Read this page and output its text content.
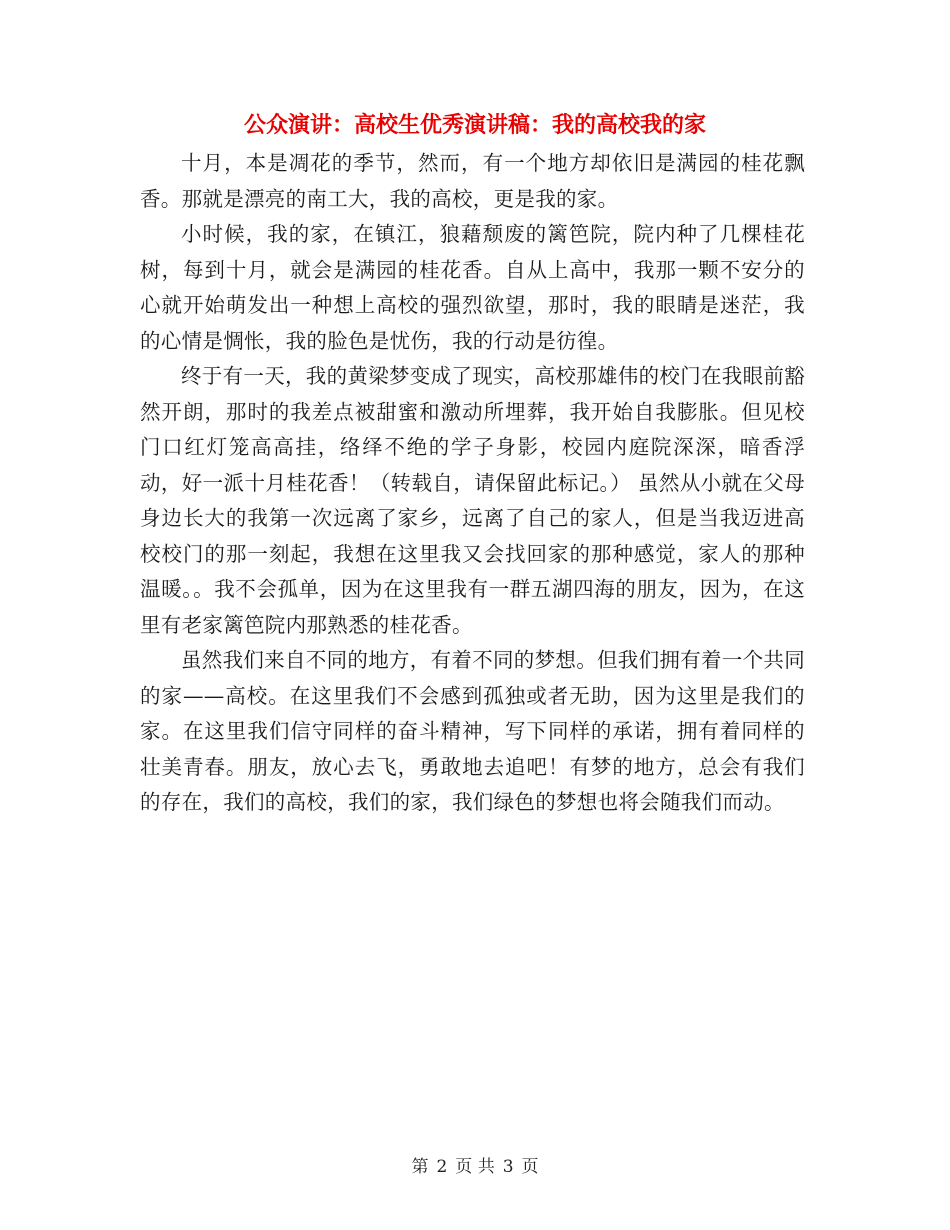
公众演讲：高校生优秀演讲稿：我的高校我的家

十月，本是凋花的季节，然而，有一个地方却依旧是满园的桂花飘香。那就是漂亮的南工大，我的高校，更是我的家。

小时候，我的家，在镇江，狼藉颓废的篱笆院，院内种了几棵桂花树，每到十月，就会是满园的桂花香。自从上高中，我那一颗不安分的心就开始萌发出一种想上高校的强烈欲望，那时，我的眼睛是迷茫，我的心情是惆怅，我的脸色是忧伤，我的行动是彷徨。

终于有一天，我的黄梁梦变成了现实，高校那雄伟的校门在我眼前豁然开朗，那时的我差点被甜蜜和激动所埋葬，我开始自我膨胀。但见校门口红灯笼高高挂，络绎不绝的学子身影，校园内庭院深深，暗香浮动，好一派十月桂花香！（转载自，请保留此标记。） 虽然从小就在父母身边长大的我第一次远离了家乡，远离了自己的家人，但是当我迈进高校校门的那一刻起，我想在这里我又会找回家的那种感觉，家人的那种温暖。。我不会孤单，因为在这里我有一群五湖四海的朋友，因为，在这里有老家篱笆院内那熟悉的桂花香。

虽然我们来自不同的地方，有着不同的梦想。但我们拥有着一个共同的家——高校。在这里我们不会感到孤独或者无助，因为这里是我们的家。在这里我们信守同样的奋斗精神，写下同样的承诺，拥有着同样的壮美青春。朋友，放心去飞，勇敢地去追吧！有梦的地方，总会有我们的存在，我们的高校，我们的家，我们绿色的梦想也将会随我们而动。

第 2 页 共 3 页
